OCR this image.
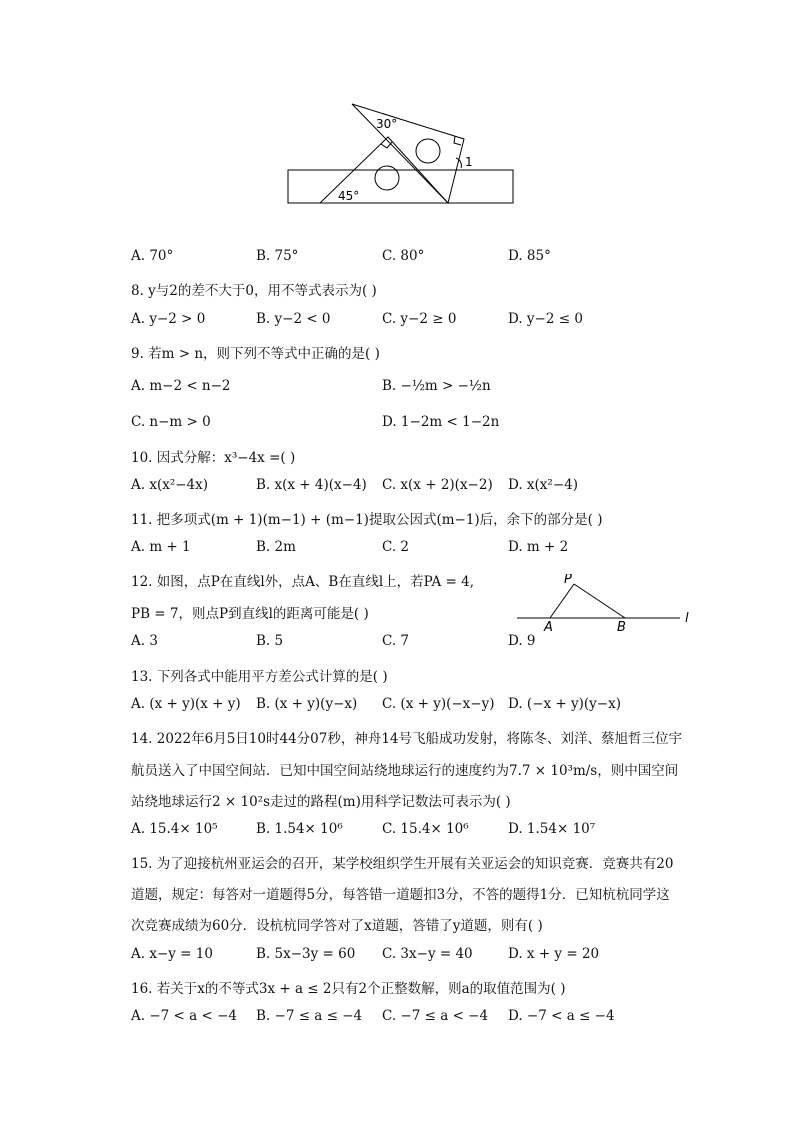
30°
45°
1
A. 70°	B. 75°	C. 80°	D. 85°
8. y与2的差不大于0，用不等式表示为( )
A. y−2 > 0	B. y−2 < 0	C. y−2 ≥ 0	D. y−2 ≤ 0
9. 若m > n，则下列不等式中正确的是( )
A. m−2 < n−2	B. −½m > −½n
C. n−m > 0	D. 1−2m < 1−2n
10. 因式分解：x³−4x =( )
A. x(x²−4x)	B. x(x + 4)(x−4) C. x(x + 2)(x−2) D. x(x²−4)
11. 把多项式(m + 1)(m−1) + (m−1)提取公因式(m−1)后，余下的部分是( )
A. m + 1	B. 2m	C. 2	D. m + 2
12. 如图，点P在直线l外，点A、B在直线l上，若PA = 4,
PB = 7，则点P到直线l的距离可能是( )
A. 3	B. 5	C. 7	D. 9
P
A	B
l
13. 下列各式中能用平方差公式计算的是( )
A. (x + y)(x + y) B. (x + y)(y−x) C. (x + y)(−x−y) D. (−x + y)(y−x)
14. 2022年6月5日10时44分07秒，神舟14号飞船成功发射，将陈冬、刘洋、蔡旭哲三位宇
航员送入了中国空间站．已知中国空间站绕地球运行的速度约为7.7 × 10³m/s，则中国空间
站绕地球运行2 × 10²s走过的路程(m)用科学记数法可表示为( )
A. 15.4× 10⁵	B. 1.54× 10⁶	C. 15.4× 10⁶	D. 1.54× 10⁷
15. 为了迎接杭州亚运会的召开，某学校组织学生开展有关亚运会的知识竞赛．竞赛共有20
道题，规定：每答对一道题得5分，每答错一道题扣3分，不答的题得1分．已知杭杭同学这
次竞赛成绩为60分．设杭杭同学答对了x道题，答错了y道题，则有( )
A. x−y = 10	B. 5x−3y = 60 C. 3x−y = 40	D. x + y = 20
16. 若关于x的不等式3x + a ≤ 2只有2个正整数解，则a的取值范围为( )
A. −7 < a < −4 B. −7 ≤ a ≤ −4 C. −7 ≤ a < −4 D. −7 < a ≤ −4
